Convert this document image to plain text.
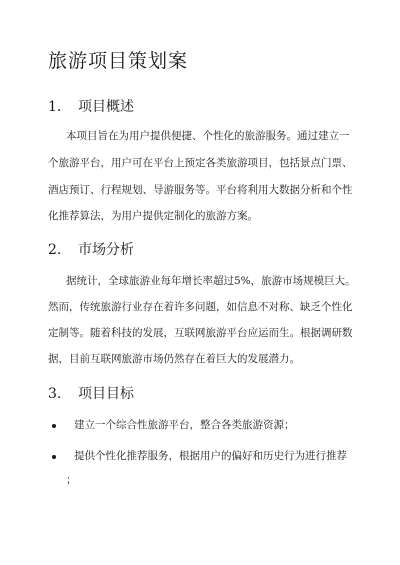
旅游项目策划案
1. 项目概述

本项目旨在为用户提供便捷、个性化的旅游服务。通过建立一

个旅游平台，用户可在平台上预定各类旅游项目，包括景点门票、

酒店预订、行程规划、导游服务等。平台将利用大数据分析和个性

化推荐算法，为用户提供定制化的旅游方案。

2. 市场分析

据统计，全球旅游业每年增长率超过5%，旅游市场规模巨大。

然而，传统旅游行业存在着许多问题，如信息不对称、缺乏个性化

定制等。随着科技的发展，互联网旅游平台应运而生。根据调研数

据，目前互联网旅游市场仍然存在着巨大的发展潜力。

3. 项目目标
建立一个综合性旅游平台，整合各类旅游资源；
提供个性化推荐服务，根据用户的偏好和历史行为进行推荐
；
